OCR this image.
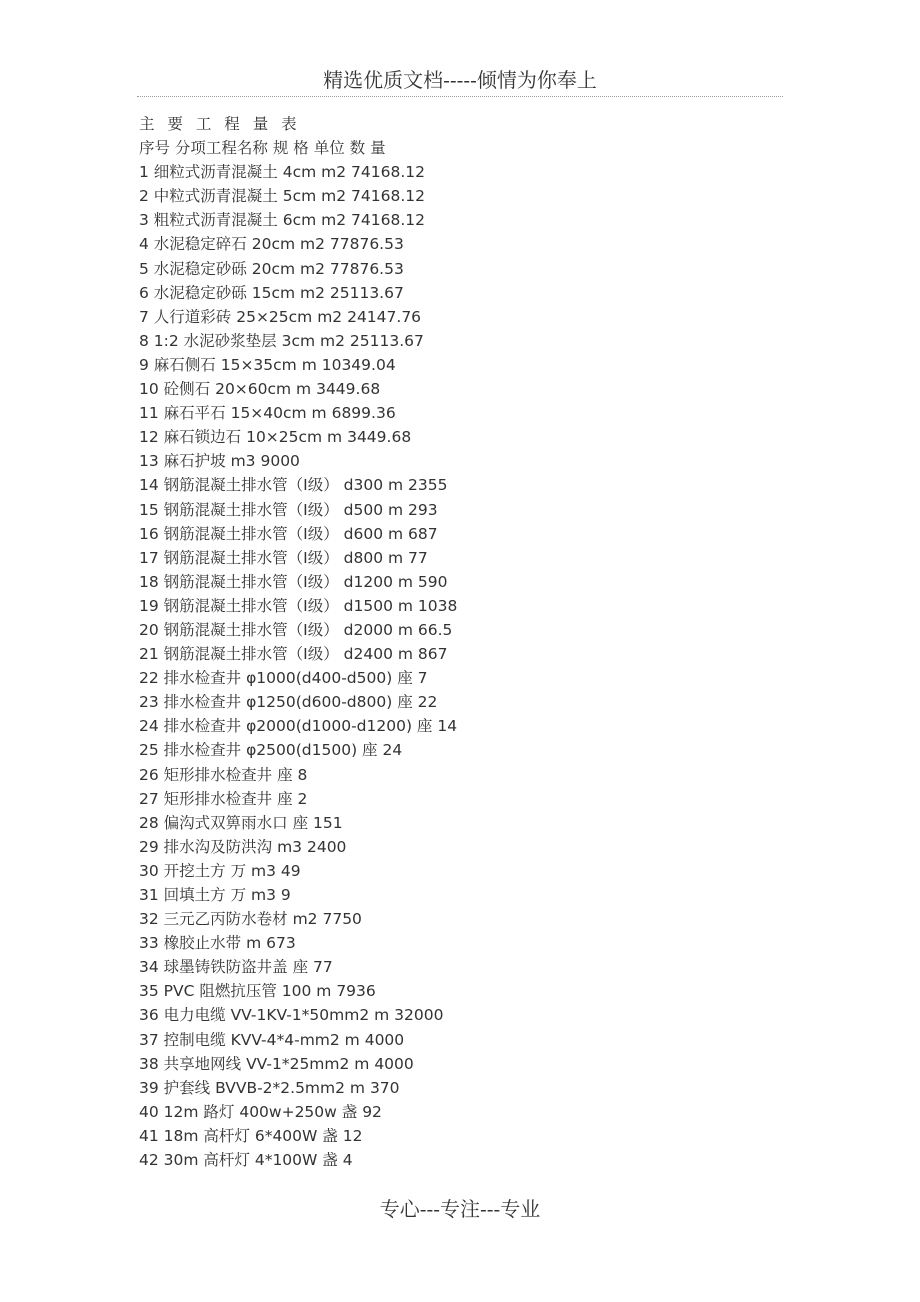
精选优质文档-----倾情为你奉上
主 要 工 程 量 表
序号 分项工程名称 规 格 单位 数 量
1 细粒式沥青混凝土 4cm m2 74168.12
2 中粒式沥青混凝土 5cm m2 74168.12
3 粗粒式沥青混凝土 6cm m2 74168.12
4 水泥稳定碎石 20cm m2 77876.53
5 水泥稳定砂砾 20cm m2 77876.53
6 水泥稳定砂砾 15cm m2 25113.67
7 人行道彩砖 25×25cm m2 24147.76
8 1:2 水泥砂浆垫层 3cm m2 25113.67
9 麻石侧石 15×35cm m 10349.04
10 砼侧石 20×60cm m 3449.68
11 麻石平石 15×40cm m 6899.36
12 麻石锁边石 10×25cm m 3449.68
13 麻石护坡 m3 9000
14 钢筋混凝土排水管（Ⅰ级） d300 m 2355
15 钢筋混凝土排水管（Ⅰ级） d500 m 293
16 钢筋混凝土排水管（Ⅰ级） d600 m 687
17 钢筋混凝土排水管（Ⅰ级） d800 m 77
18 钢筋混凝土排水管（Ⅰ级） d1200 m 590
19 钢筋混凝土排水管（Ⅰ级） d1500 m 1038
20 钢筋混凝土排水管（Ⅰ级） d2000 m 66.5
21 钢筋混凝土排水管（Ⅰ级） d2400 m 867
22 排水检查井 φ1000(d400-d500) 座 7
23 排水检查井 φ1250(d600-d800) 座 22
24 排水检查井 φ2000(d1000-d1200) 座 14
25 排水检查井 φ2500(d1500) 座 24
26 矩形排水检查井 座 8
27 矩形排水检查井 座 2
28 偏沟式双箅雨水口 座 151
29 排水沟及防洪沟 m3 2400
30 开挖土方 万 m3 49
31 回填土方 万 m3 9
32 三元乙丙防水卷材 m2 7750
33 橡胶止水带 m 673
34 球墨铸铁防盗井盖 座 77
35 PVC 阻燃抗压管 100 m 7936
36 电力电缆 VV-1KV-1*50mm2 m 32000
37 控制电缆 KVV-4*4-mm2 m 4000
38 共享地网线 VV-1*25mm2 m 4000
39 护套线 BVVB-2*2.5mm2 m 370
40 12m 路灯 400w+250w 盏 92
41 18m 高杆灯 6*400W 盏 12
42 30m 高杆灯 4*100W 盏 4
专心---专注---专业
